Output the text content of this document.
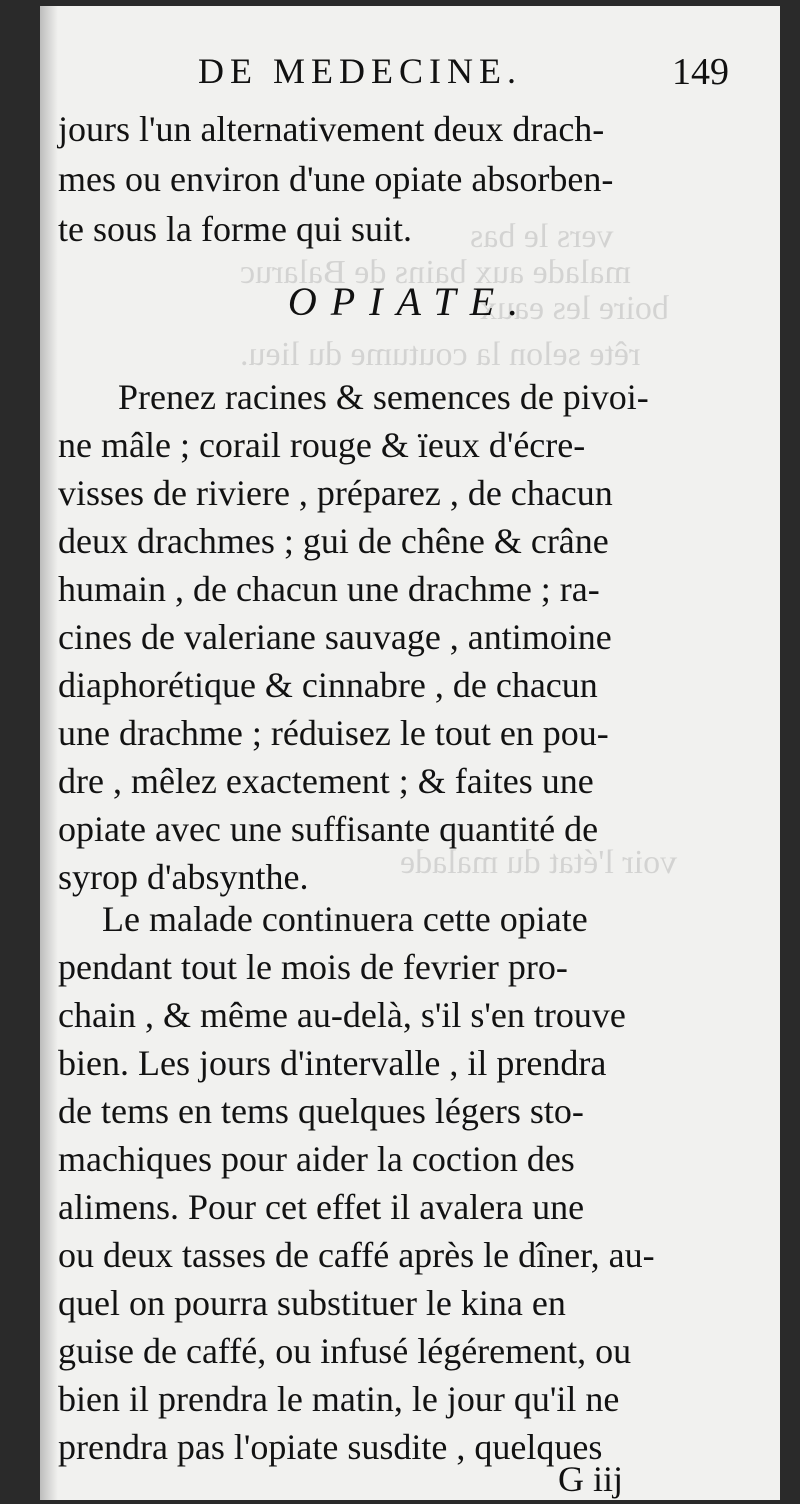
vers le bas
malade aux bains de Balaruc
boire les eaux
rête selon la coutume du lieu.
voir l'état du malade
DE MEDECINE.	149
jours l'un alternativement deux drach-
mes ou environ d'une opiate absorben-
te sous la forme qui suit.
OPIATE.
Prenez racines & semences de pivoi-
ne mâle ; corail rouge & ïeux d'écre-
visses de riviere , préparez , de chacun
deux drachmes ; gui de chêne & crâne
humain , de chacun une drachme ; ra-
cines de valeriane sauvage , antimoine
diaphorétique & cinnabre , de chacun
une drachme ; réduisez le tout en pou-
dre , mêlez exactement ; & faites une
opiate avec une suffisante quantité de
syrop d'absynthe.
Le malade continuera cette opiate
pendant tout le mois de fevrier pro-
chain , & même au-delà, s'il s'en trouve
bien. Les jours d'intervalle , il prendra
de tems en tems quelques légers sto-
machiques pour aider la coction des
alimens. Pour cet effet il avalera une
ou deux tasses de caffé après le dîner, au-
quel on pourra substituer le kina en
guise de caffé, ou infusé légérement, ou
bien il prendra le matin, le jour qu'il ne
prendra pas l'opiate susdite , quelques
G iij
